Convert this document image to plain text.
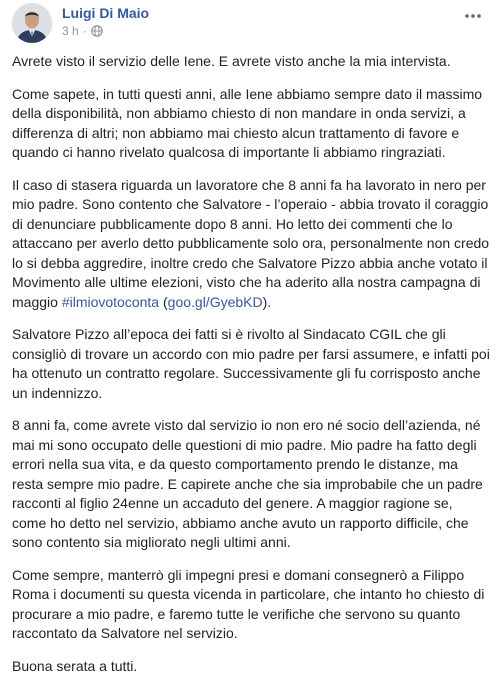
Luigi Di Maio
3 h ·

Avrete visto il servizio delle Iene. E avrete visto anche la mia intervista.

Come sapete, in tutti questi anni, alle Iene abbiamo sempre dato il massimo della disponibilità, non abbiamo chiesto di non mandare in onda servizi, a differenza di altri; non abbiamo mai chiesto alcun trattamento di favore e quando ci hanno rivelato qualcosa di importante li abbiamo ringraziati.

Il caso di stasera riguarda un lavoratore che 8 anni fa ha lavorato in nero per mio padre. Sono contento che Salvatore - l’operaio - abbia trovato il coraggio di denunciare pubblicamente dopo 8 anni. Ho letto dei commenti che lo attaccano per averlo detto pubblicamente solo ora, personalmente non credo lo si debba aggredire, inoltre credo che Salvatore Pizzo abbia anche votato il Movimento alle ultime elezioni, visto che ha aderito alla nostra campagna di maggio #ilmiovotoconta (goo.gl/GyebKD).

Salvatore Pizzo all’epoca dei fatti si è rivolto al Sindacato CGIL che gli consigliò di trovare un accordo con mio padre per farsi assumere, e infatti poi ha ottenuto un contratto regolare. Successivamente gli fu corrisposto anche un indennizzo.

8 anni fa, come avrete visto dal servizio io non ero né socio dell’azienda, né mai mi sono occupato delle questioni di mio padre. Mio padre ha fatto degli errori nella sua vita, e da questo comportamento prendo le distanze, ma resta sempre mio padre. E capirete anche che sia improbabile che un padre racconti al figlio 24enne un accaduto del genere. A maggior ragione se, come ho detto nel servizio, abbiamo anche avuto un rapporto difficile, che sono contento sia migliorato negli ultimi anni.

Come sempre, manterrò gli impegni presi e domani consegnerò a Filippo Roma i documenti su questa vicenda in particolare, che intanto ho chiesto di procurare a mio padre, e faremo tutte le verifiche che servono su quanto raccontato da Salvatore nel servizio.

Buona serata a tutti.
